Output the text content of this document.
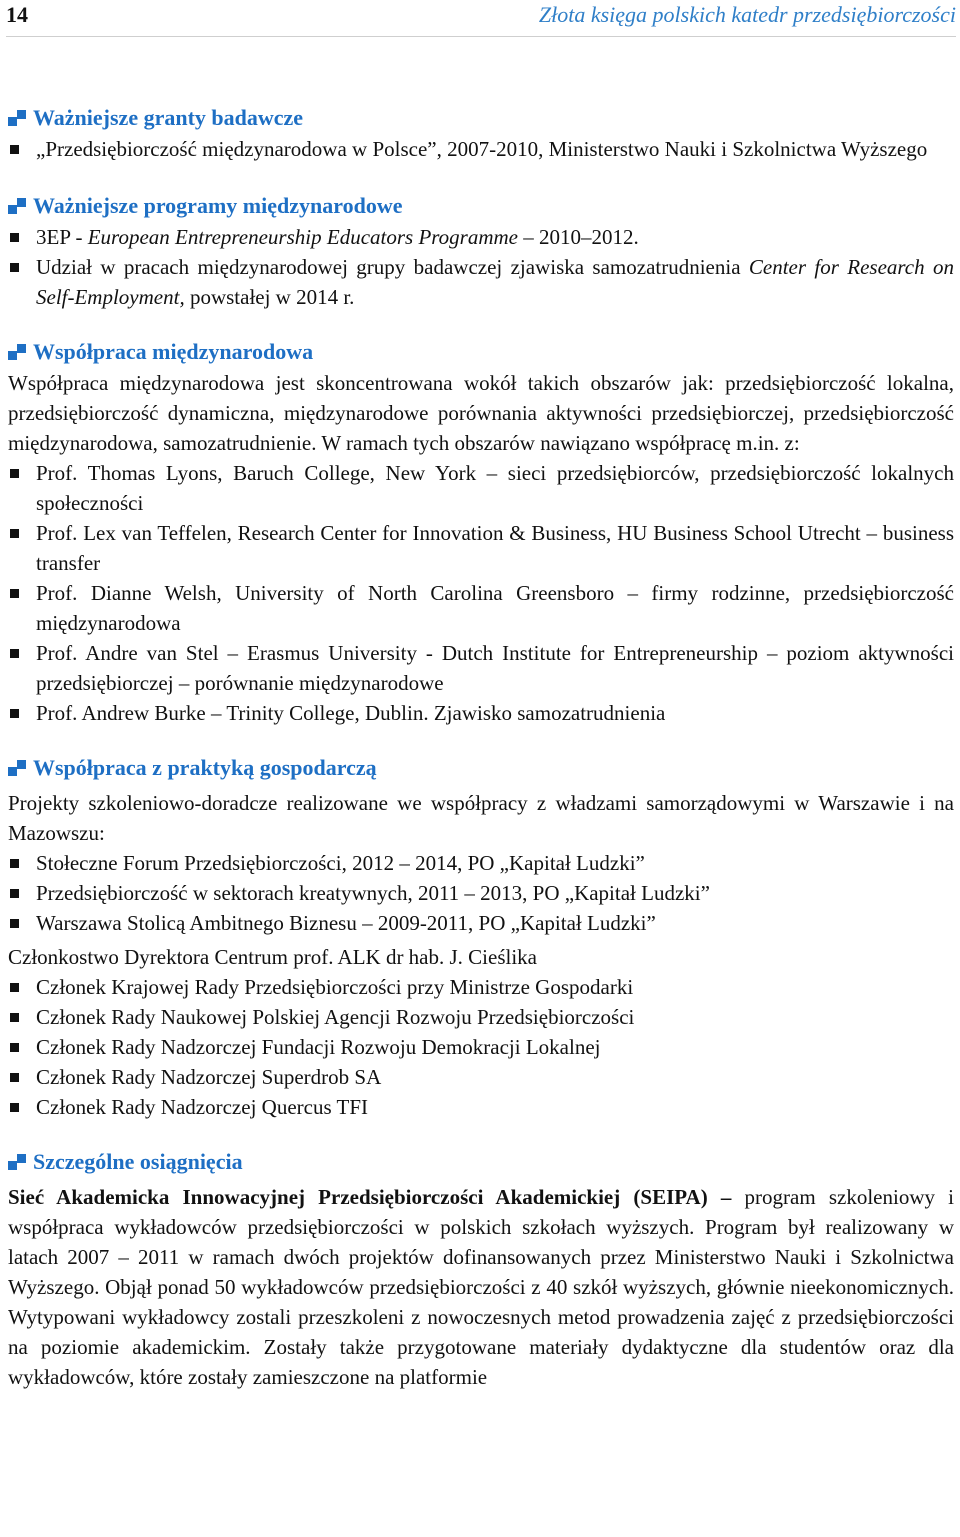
14	Złota księga polskich katedr przedsiębiorczości
Ważniejsze granty badawcze
„Przedsiębiorczość międzynarodowa w Polsce”, 2007-2010, Ministerstwo Nauki i Szkolnictwa Wyższego
Ważniejsze programy międzynarodowe
3EP - European Entrepreneurship Educators Programme – 2010–2012.
Udział w pracach międzynarodowej grupy badawczej zjawiska samozatrudnienia Center for Research on Self-Employment, powstałej w 2014 r.
Współpraca międzynarodowa

Współpraca międzynarodowa jest skoncentrowana wokół takich obszarów jak: przedsiębiorczość lokalna, przedsiębiorczość dynamiczna, międzynarodowe porównania aktywności przedsiębiorczej, przedsiębiorczość międzynarodowa, samozatrudnienie. W ramach tych obszarów nawiązano współpracę m.in. z:

Prof. Thomas Lyons, Baruch College, New York – sieci przedsiębiorców, przedsiębiorczość lokalnych społeczności
Prof. Lex van Teffelen, Research Center for Innovation & Business, HU Business School Utrecht – business transfer
Prof. Dianne Welsh, University of North Carolina Greensboro – firmy rodzinne, przedsiębiorczość międzynarodowa
Prof. Andre van Stel – Erasmus University - Dutch Institute for Entrepreneurship – poziom aktywności przedsiębiorczej – porównanie międzynarodowe
Prof. Andrew Burke – Trinity College, Dublin. Zjawisko samozatrudnienia
Współpraca z praktyką gospodarczą

Projekty szkoleniowo-doradcze realizowane we współpracy z władzami samorządowymi w Warszawie i na Mazowszu:

Stołeczne Forum Przedsiębiorczości, 2012 – 2014, PO „Kapitał Ludzki”
Przedsiębiorczość w sektorach kreatywnych, 2011 – 2013, PO „Kapitał Ludzki”
Warszawa Stolicą Ambitnego Biznesu – 2009-2011, PO „Kapitał Ludzki”

Członkostwo Dyrektora Centrum prof. ALK dr hab. J. Cieślika

Członek Krajowej Rady Przedsiębiorczości przy Ministrze Gospodarki
Członek Rady Naukowej Polskiej Agencji Rozwoju Przedsiębiorczości
Członek Rady Nadzorczej Fundacji Rozwoju Demokracji Lokalnej
Członek Rady Nadzorczej Superdrob SA
Członek Rady Nadzorczej Quercus TFI
Szczególne osiągnięcia

Sieć Akademicka Innowacyjnej Przedsiębiorczości Akademickiej (SEIPA) – program szkoleniowy i współpraca wykładowców przedsiębiorczości w polskich szkołach wyższych. Program był realizowany w latach 2007 – 2011 w ramach dwóch projektów dofinansowanych przez Ministerstwo Nauki i Szkolnictwa Wyższego. Objął ponad 50 wykładowców przedsiębiorczości z 40 szkół wyższych, głównie nieekonomicznych. Wytypowani wykładowcy zostali przeszkoleni z nowoczesnych metod prowadzenia zajęć z przedsiębiorczości na poziomie akademickim. Zostały także przygotowane materiały dydaktyczne dla studentów oraz dla wykładowców, które zostały zamieszczone na platformie
